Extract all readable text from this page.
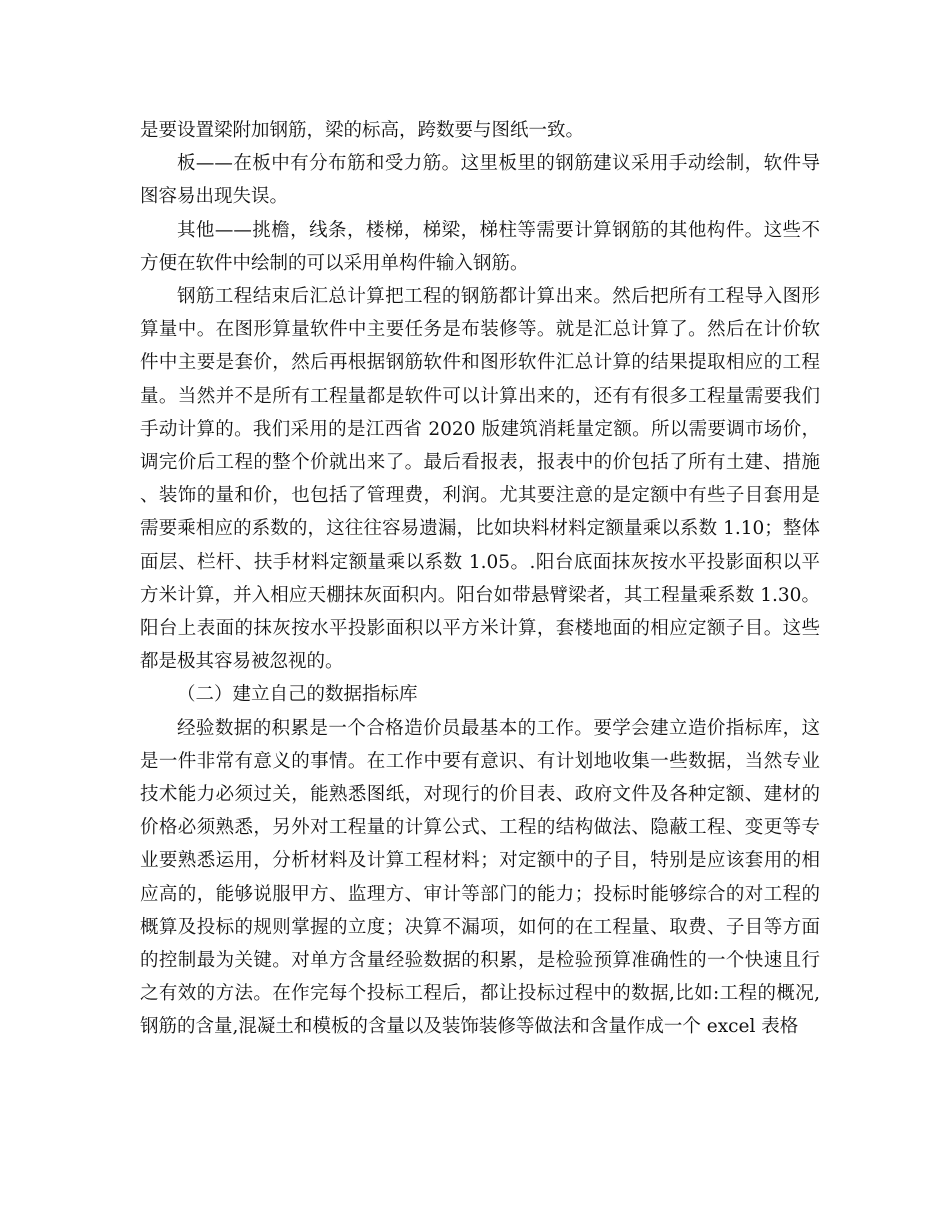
是要设置梁附加钢筋，梁的标高，跨数要与图纸一致。

板——在板中有分布筋和受力筋。这里板里的钢筋建议采用手动绘制，软件导图容易出现失误。

其他——挑檐，线条，楼梯，梯梁，梯柱等需要计算钢筋的其他构件。这些不方便在软件中绘制的可以采用单构件输入钢筋。

钢筋工程结束后汇总计算把工程的钢筋都计算出来。然后把所有工程导入图形算量中。在图形算量软件中主要任务是布装修等。就是汇总计算了。然后在计价软件中主要是套价，然后再根据钢筋软件和图形软件汇总计算的结果提取相应的工程量。当然并不是所有工程量都是软件可以计算出来的，还有有很多工程量需要我们手动计算的。我们采用的是江西省 2020 版建筑消耗量定额。所以需要调市场价，调完价后工程的整个价就出来了。最后看报表，报表中的价包括了所有土建、措施、装饰的量和价，也包括了管理费，利润。尤其要注意的是定额中有些子目套用是需要乘相应的系数的，这往往容易遗漏，比如块料材料定额量乘以系数 1.10；整体面层、栏杆、扶手材料定额量乘以系数 1.05。.阳台底面抹灰按水平投影面积以平方米计算，并入相应天棚抹灰面积内。阳台如带悬臂梁者，其工程量乘系数 1.30。阳台上表面的抹灰按水平投影面积以平方米计算，套楼地面的相应定额子目。这些都是极其容易被忽视的。

（二）建立自己的数据指标库

经验数据的积累是一个合格造价员最基本的工作。要学会建立造价指标库，这是一件非常有意义的事情。在工作中要有意识、有计划地收集一些数据，当然专业技术能力必须过关，能熟悉图纸，对现行的价目表、政府文件及各种定额、建材的价格必须熟悉，另外对工程量的计算公式、工程的结构做法、隐蔽工程、变更等专业要熟悉运用，分析材料及计算工程材料；对定额中的子目，特别是应该套用的相应高的，能够说服甲方、监理方、审计等部门的能力；投标时能够综合的对工程的概算及投标的规则掌握的立度；决算不漏项，如何的在工程量、取费、子目等方面的控制最为关键。对单方含量经验数据的积累，是检验预算准确性的一个快速且行之有效的方法。在作完每个投标工程后，都让投标过程中的数据,比如:工程的概况,钢筋的含量,混凝土和模板的含量以及装饰装修等做法和含量作成一个 excel 表格
